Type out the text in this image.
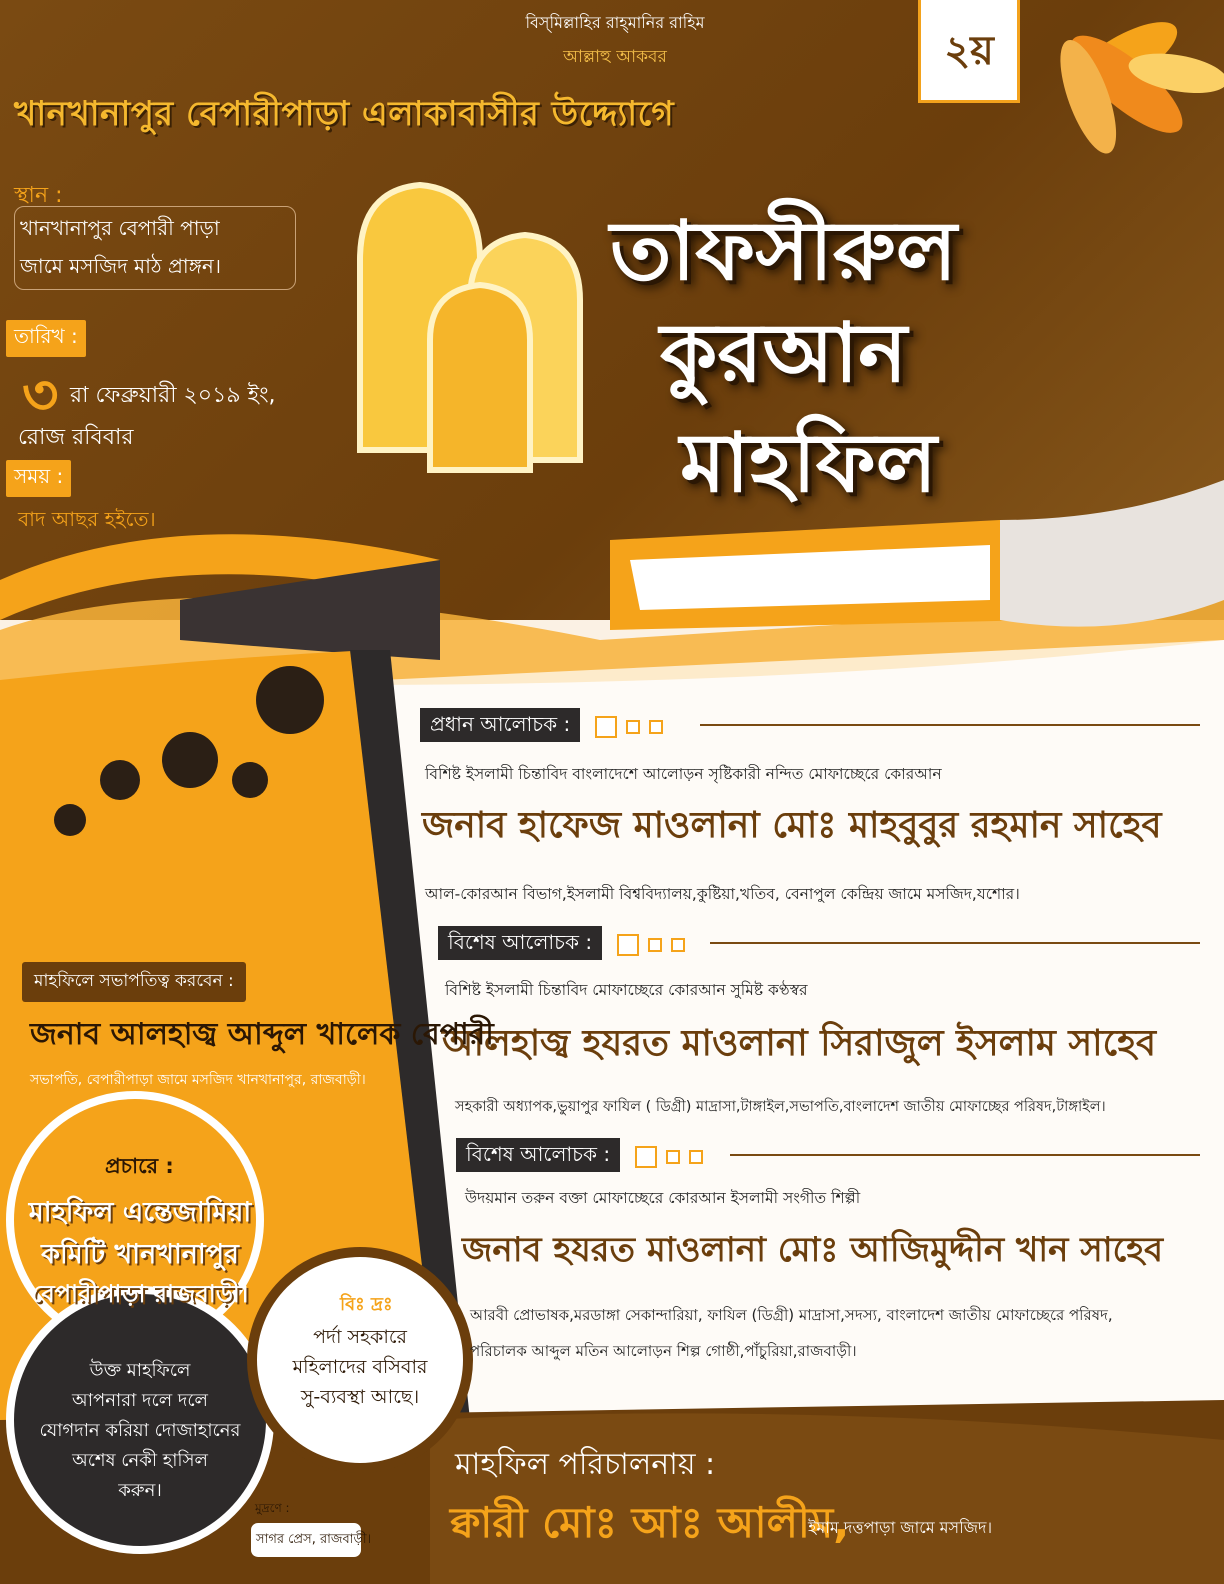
বিস্‌মিল্লাহির রাহ্‌মানির রাহিম
আল্লাহু আকবর	২য়
খানখানাপুর বেপারীপাড়া এলাকাবাসীর উদ্দ্যোগে
স্থান :
খানখানাপুর বেপারী পাড়া
জামে মসজিদ মাঠ প্রাঙ্গন।
তারিখ :
৩ রা ফেব্রুয়ারী ২০১৯ ইং,
রোজ রবিবার
সময় :
বাদ আছর হইতে।
তাফসীরুল
কুরআন
মাহফিল
প্রধান আলোচক :
বিশিষ্ট ইসলামী চিন্তাবিদ বাংলাদেশে আলোড়ন সৃষ্টিকারী নন্দিত মোফাচ্ছেরে কোরআন
জনাব হাফেজ মাওলানা মোঃ মাহবুবুর রহমান সাহেব
আল-কোরআন বিভাগ,ইসলামী বিশ্ববিদ্যালয়,কুষ্টিয়া,খতিব, বেনাপুল কেন্দ্রিয় জামে মসজিদ,যশোর।
বিশেষ আলোচক :
বিশিষ্ট ইসলামী চিন্তাবিদ মোফাচ্ছেরে কোরআন সুমিষ্ট কণ্ঠস্বর
আলহাজ্ব হযরত মাওলানা সিরাজুল ইসলাম সাহেব
সহকারী অধ্যাপক,ভুয়াপুর ফাযিল ( ডিগ্রী) মাদ্রাসা,টাঙ্গাইল,সভাপতি,বাংলাদেশ জাতীয় মোফাচ্ছের পরিষদ,টাঙ্গাইল।
বিশেষ আলোচক :
উদয়মান তরুন বক্তা মোফাচ্ছেরে কোরআন ইসলামী সংগীত শিল্পী
জনাব হযরত মাওলানা মোঃ আজিমুদ্দীন খান সাহেব
আরবী প্রোভাষক,মরডাঙ্গা সেকান্দারিয়া, ফাযিল (ডিগ্রী) মাদ্রাসা,সদস্য, বাংলাদেশ জাতীয় মোফাচ্ছেরে পরিষদ,
পরিচালক আব্দুল মতিন আলোড়ন শিল্প গোষ্ঠী,পাঁচুরিয়া,রাজবাড়ী।
মাহফিলে সভাপতিত্ব করবেন :
জনাব আলহাজ্ব আব্দুল খালেক বেপারী
সভাপতি, বেপারীপাড়া জামে মসজিদ খানখানাপুর, রাজবাড়ী।
প্রচারে :
মাহফিল এন্তেজামিয়া
কমিটি খানখানাপুর
বেপারীপাড়া রাজবাড়ী।
উক্ত মাহফিলে
আপনারা দলে দলে
যোগদান করিয়া দোজাহানের
অশেষ নেকী হাসিল
করুন।
বিঃ দ্রঃ
পর্দা সহকারে
মহিলাদের বসিবার
সু-ব্যবস্থা আছে।
মাহফিল পরিচালনায় :
ক্বারী মোঃ আঃ আলীম,
ইমাম দত্তপাড়া জামে মসজিদ।
মুদ্রণে :
সাগর প্রেস, রাজবাড়ী।
